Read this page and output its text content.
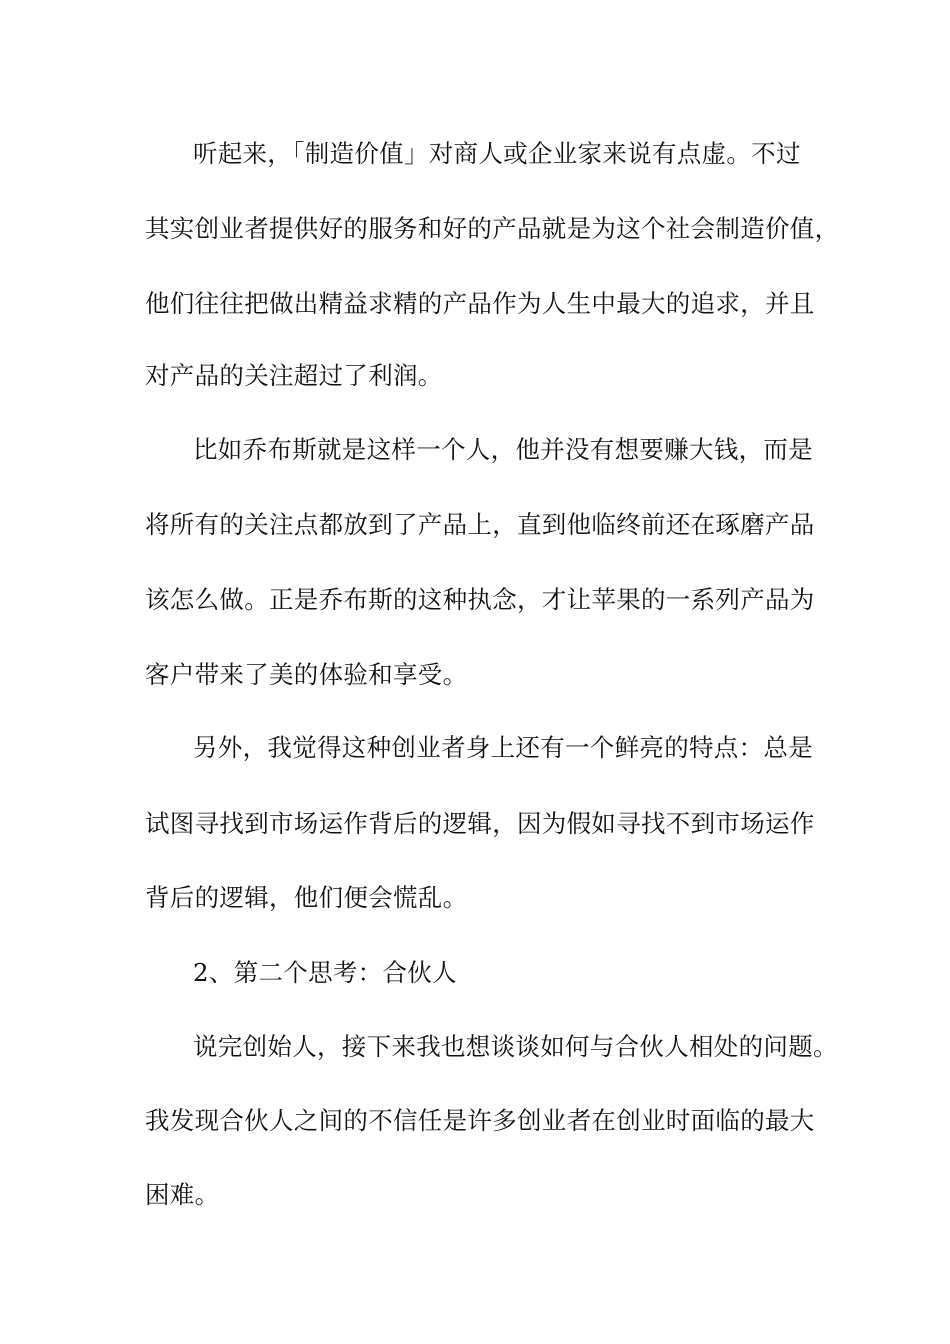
听起来，「制造价值」对商人或企业家来说有点虚。不过
其实创业者提供好的服务和好的产品就是为这个社会制造价值，
他们往往把做出精益求精的产品作为人生中最大的追求，并且
对产品的关注超过了利润。
比如乔布斯就是这样一个人，他并没有想要赚大钱，而是
将所有的关注点都放到了产品上，直到他临终前还在琢磨产品
该怎么做。正是乔布斯的这种执念，才让苹果的一系列产品为
客户带来了美的体验和享受。
另外，我觉得这种创业者身上还有一个鲜亮的特点：总是
试图寻找到市场运作背后的逻辑，因为假如寻找不到市场运作
背后的逻辑，他们便会慌乱。
2、第二个思考：合伙人
说完创始人，接下来我也想谈谈如何与合伙人相处的问题。
我发现合伙人之间的不信任是许多创业者在创业时面临的最大
困难。
